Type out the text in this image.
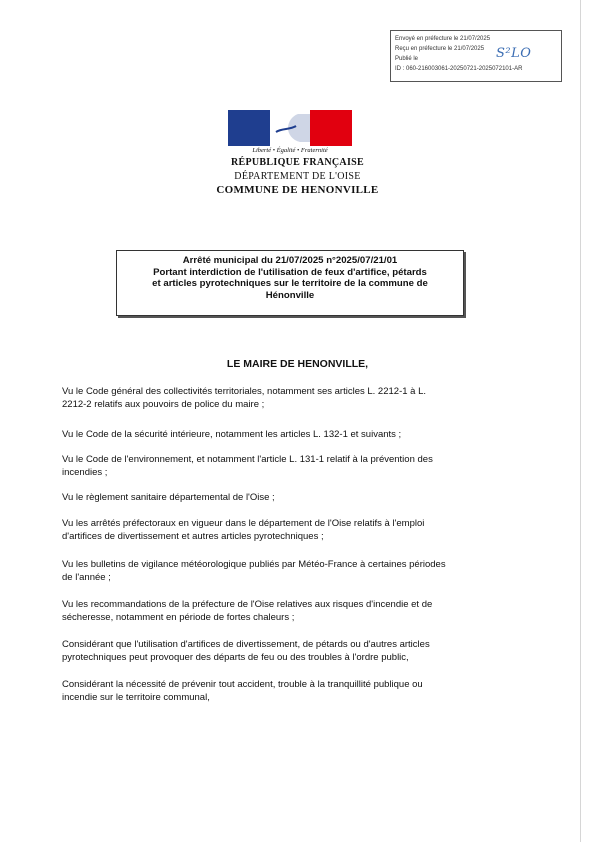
Envoyé en préfecture le 21/07/2025
Reçu en préfecture le 21/07/2025
Publié le
ID : 060-216003061-20250721-2025072101-AR
S²LO
Liberté • Égalité • Fraternité
RÉPUBLIQUE FRANÇAISE
DÉPARTEMENT DE L'OISE
COMMUNE DE HENONVILLE
Arrêté municipal du 21/07/2025 n°2025/07/21/01
Portant interdiction de l'utilisation de feux d'artifice, pétards
et articles pyrotechniques sur le territoire de la commune de
Hénonville
LE MAIRE DE HENONVILLE,
Vu le Code général des collectivités territoriales, notamment ses articles L. 2212-1 à L.
2212-2 relatifs aux pouvoirs de police du maire ;
Vu le Code de la sécurité intérieure, notamment les articles L. 132-1 et suivants ;
Vu le Code de l'environnement, et notamment l'article L. 131-1 relatif à la prévention des
incendies ;
Vu le règlement sanitaire départemental de l'Oise ;
Vu les arrêtés préfectoraux en vigueur dans le département de l'Oise relatifs à l'emploi
d'artifices de divertissement et autres articles pyrotechniques ;
Vu les bulletins de vigilance météorologique publiés par Météo-France à certaines périodes
de l'année ;
Vu les recommandations de la préfecture de l'Oise relatives aux risques d'incendie et de
sécheresse, notamment en période de fortes chaleurs ;
Considérant que l'utilisation d'artifices de divertissement, de pétards ou d'autres articles
pyrotechniques peut provoquer des départs de feu ou des troubles à l'ordre public,
Considérant la nécessité de prévenir tout accident, trouble à la tranquillité publique ou
incendie sur le territoire communal,
